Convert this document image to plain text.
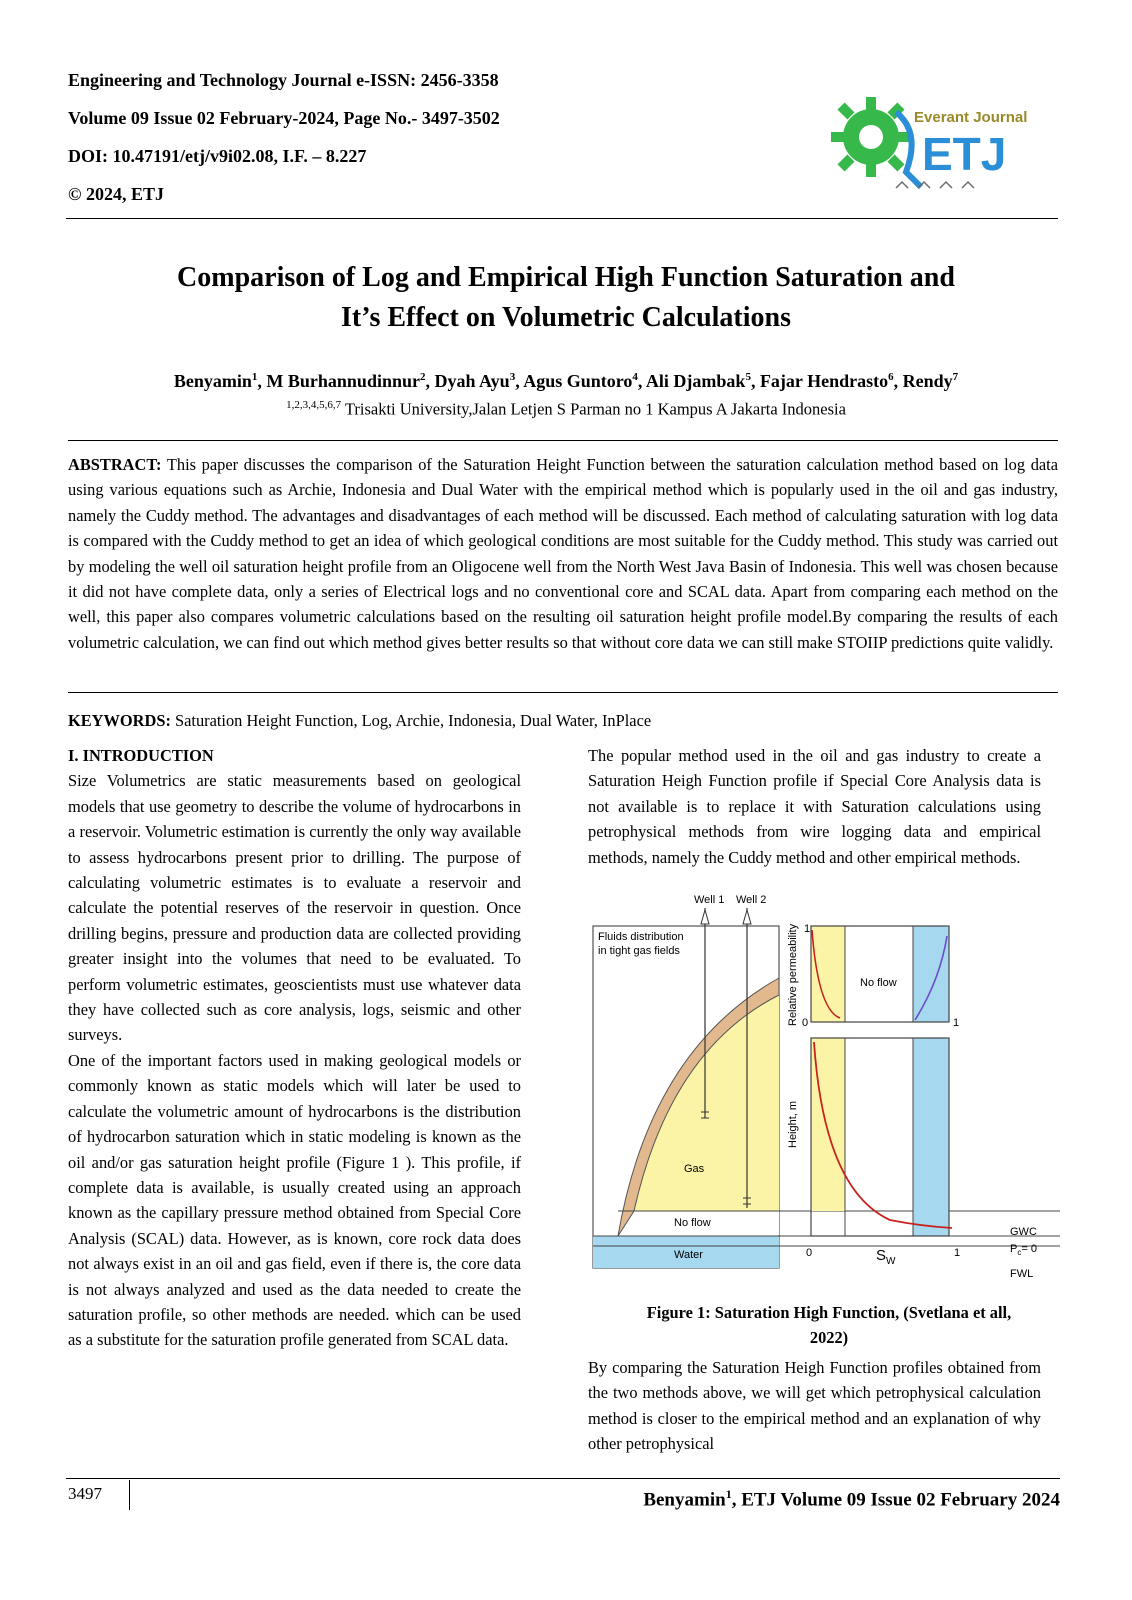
Engineering and Technology Journal e-ISSN: 2456-3358
Volume 09 Issue 02 February-2024, Page No.- 3497-3502
DOI: 10.47191/etj/v9i02.08, I.F. – 8.227
© 2024, ETJ
Everant Journal
ETJ
Comparison of Log and Empirical High Function Saturation and
It’s Effect on Volumetric Calculations
Benyamin$^1$, M Burhannudinnur$^2$, Dyah Ayu$^3$, Agus Guntoro$^4$, Ali Djambak$^5$, Fajar Hendrasto$^6$, Rendy$^7$
$^{1,2,3,4,5,6,7}$ Trisakti University,Jalan Letjen S Parman no 1 Kampus A Jakarta Indonesia
ABSTRACT: This paper discusses the comparison of the Saturation Height Function between the saturation calculation method based on log data using various equations such as Archie, Indonesia and Dual Water with the empirical method which is popularly used in the oil and gas industry, namely the Cuddy method. The advantages and disadvantages of each method will be discussed. Each method of calculating saturation with log data is compared with the Cuddy method to get an idea of which geological conditions are most suitable for the Cuddy method. This study was carried out by modeling the well oil saturation height profile from an Oligocene well from the North West Java Basin of Indonesia. This well was chosen because it did not have complete data, only a series of Electrical logs and no conventional core and SCAL data. Apart from comparing each method on the well, this paper also compares volumetric calculations based on the resulting oil saturation height profile model.By comparing the results of each volumetric calculation, we can find out which method gives better results so that without core data we can still make STOIIP predictions quite validly.
KEYWORDS: Saturation Height Function, Log, Archie, Indonesia, Dual Water, InPlace

I. INTRODUCTION

Size Volumetrics are static measurements based on geological models that use geometry to describe the volume of hydrocarbons in a reservoir. Volumetric estimation is currently the only way available to assess hydrocarbons present prior to drilling. The purpose of calculating volumetric estimates is to evaluate a reservoir and calculate the potential reserves of the reservoir in question. Once drilling begins, pressure and production data are collected providing greater insight into the volumes that need to be evaluated. To perform volumetric estimates, geoscientists must use whatever data they have collected such as core analysis, logs, seismic and other surveys.

One of the important factors used in making geological models or commonly known as static models which will later be used to calculate the volumetric amount of hydrocarbons is the distribution of hydrocarbon saturation which in static modeling is known as the oil and/or gas saturation height profile (Figure 1 ). This profile, if complete data is available, is usually created using an approach known as the capillary pressure method obtained from Special Core Analysis (SCAL) data. However, as is known, core rock data does not always exist in an oil and gas field, even if there is, the core data is not always analyzed and used as the data needed to create the saturation profile, so other methods are needed. which can be used as a substitute for the saturation profile generated from SCAL data.

The popular method used in the oil and gas industry to create a Saturation Heigh Function profile if Special Core Analysis data is not available is to replace it with Saturation calculations using petrophysical methods from wire logging data and empirical methods, namely the Cuddy method and other empirical methods.

Well 1 Well 2
Fluids distribution
in tight gas fields
Gas
No flow
Water
No flow
Relative permeability
Height, m
1
0	1
0	1
$S_W$
GWC
$P_c= 0$
FWL
Figure 1: Saturation High Function, (Svetlana et all,
2022)

By comparing the Saturation Heigh Function profiles obtained from the two methods above, we will get which petrophysical calculation method is closer to the empirical method and an explanation of why other petrophysical

3497	Benyamin$^1$, ETJ Volume 09 Issue 02 February 2024
